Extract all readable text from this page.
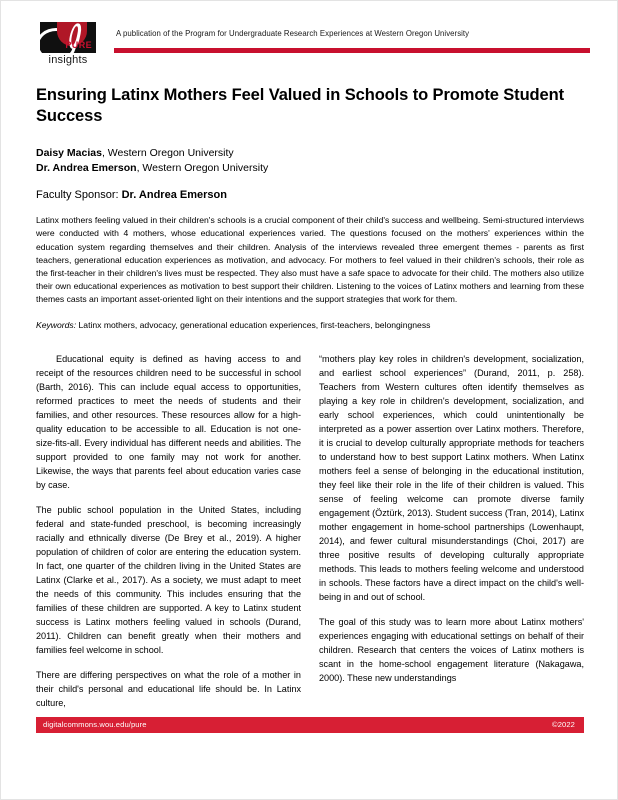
PURE
insights
A publication of the Program for Undergraduate Research Experiences at Western Oregon University
Ensuring Latinx Mothers Feel Valued in Schools to Promote Student Success
Daisy Macias, Western Oregon University
Dr. Andrea Emerson, Western Oregon University
Faculty Sponsor: Dr. Andrea Emerson
Latinx mothers feeling valued in their children's schools is a crucial component of their child's success and wellbeing. Semi-structured interviews were conducted with 4 mothers, whose educational experiences varied. The questions focused on the mothers' experiences within the education system regarding themselves and their children. Analysis of the interviews revealed three emergent themes - parents as first teachers, generational education experiences as motivation, and advocacy. For mothers to feel valued in their children's schools, their role as the first-teacher in their children's lives must be respected. They also must have a safe space to advocate for their child. The mothers also utilize their own educational experiences as motivation to best support their children. Listening to the voices of Latinx mothers and learning from these themes casts an important asset-oriented light on their intentions and the support strategies that work for them.
Keywords: Latinx mothers, advocacy, generational education experiences, first-teachers, belongingness

Educational equity is defined as having access to and receipt of the resources children need to be successful in school (Barth, 2016). This can include equal access to opportunities, reformed practices to meet the needs of students and their families, and other resources. These resources allow for a high-quality education to be accessible to all. Education is not one-size-fits-all. Every individual has different needs and abilities. The support provided to one family may not work for another. Likewise, the ways that parents feel about education varies case by case.

The public school population in the United States, including federal and state-funded preschool, is becoming increasingly racially and ethnically diverse (De Brey et al., 2019). A higher population of children of color are entering the education system. In fact, one quarter of the children living in the United States are Latinx (Clarke et al., 2017). As a society, we must adapt to meet the needs of this community. This includes ensuring that the families of these children are supported. A key to Latinx student success is Latinx mothers feeling valued in schools (Durand, 2011). Children can benefit greatly when their mothers and families feel welcome in school.

There are differing perspectives on what the role of a mother in their child's personal and educational life should be. In Latinx culture,

“mothers play key roles in children's development, socialization, and earliest school experiences” (Durand, 2011, p. 258). Teachers from Western cultures often identify themselves as playing a key role in children's development, socialization, and early school experiences, which could unintentionally be interpreted as a power assertion over Latinx mothers. Therefore, it is crucial to develop culturally appropriate methods for teachers to understand how to best support Latinx mothers. When Latinx mothers feel a sense of belonging in the educational institution, they feel like their role in the life of their children is valued. This sense of feeling welcome can promote diverse family engagement (Öztürk, 2013). Student success (Tran, 2014), Latinx mother engagement in home-school partnerships (Lowenhaupt, 2014), and fewer cultural misunderstandings (Choi, 2017) are three positive results of developing culturally appropriate methods. This leads to mothers feeling welcome and understood in schools. These factors have a direct impact on the child's well-being in and out of school.

The goal of this study was to learn more about Latinx mothers' experiences engaging with educational settings on behalf of their children. Research that centers the voices of Latinx mothers is scant in the home-school engagement literature (Nakagawa, 2000). These new understandings

digitalcommons.wou.edu/pure	©2022
